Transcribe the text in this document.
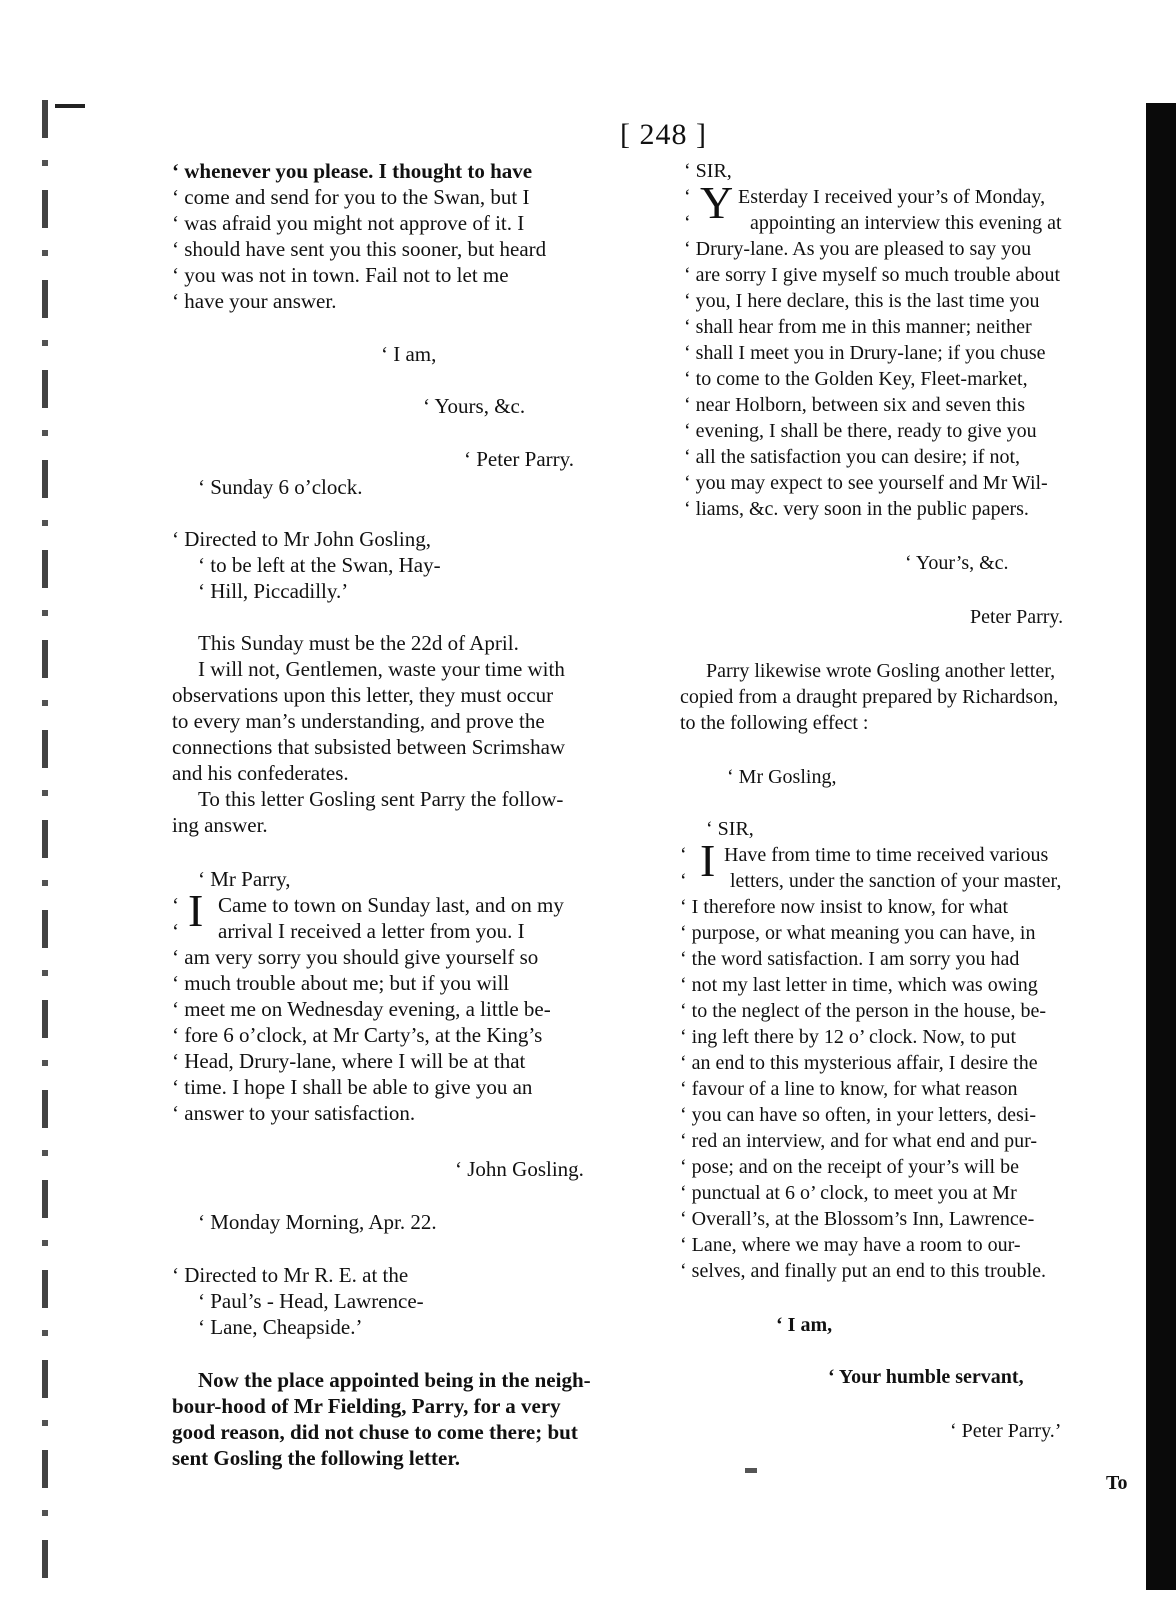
[ 248 ]
‘ whenever you please. I thought to have
‘ come and send for you to the Swan, but I
‘ was afraid you might not approve of it. I
‘ should have sent you this sooner, but heard
‘ you was not in town. Fail not to let me
‘ have your answer.
‘ I am,
‘ Yours, &c.
‘ Peter Parry.
‘ Sunday 6 o’clock.
‘ Directed to Mr John Gosling,
‘ to be left at the Swan, Hay-
‘ Hill, Piccadilly.’
This Sunday must be the 22d of April.
I will not, Gentlemen, waste your time with
observations upon this letter, they must occur
to every man’s understanding, and prove the
connections that subsisted between Scrimshaw
and his confederates.
To this letter Gosling sent Parry the follow-
ing answer.
‘ Mr Parry,
I
‘
‘
Came to town on Sunday last, and on my
arrival I received a letter from you. I
‘ am very sorry you should give yourself so
‘ much trouble about me; but if you will
‘ meet me on Wednesday evening, a little be-
‘ fore 6 o’clock, at Mr Carty’s, at the King’s
‘ Head, Drury-lane, where I will be at that
‘ time. I hope I shall be able to give you an
‘ answer to your satisfaction.
‘ John Gosling.
‘ Monday Morning, Apr. 22.
‘ Directed to Mr R. E. at the
‘ Paul’s - Head, Lawrence-
‘ Lane, Cheapside.’
Now the place appointed being in the neigh-
bour-hood of Mr Fielding, Parry, for a very
good reason, did not chuse to come there; but
sent Gosling the following letter.
‘ SIR,
‘
‘ Y Esterday I received your’s of Monday,
appointing an interview this evening at
‘ Drury-lane. As you are pleased to say you
‘ are sorry I give myself so much trouble about
‘ you, I here declare, this is the last time you
‘ shall hear from me in this manner; neither
‘ shall I meet you in Drury-lane; if you chuse
‘ to come to the Golden Key, Fleet-market,
‘ near Holborn, between six and seven this
‘ evening, I shall be there, ready to give you
‘ all the satisfaction you can desire; if not,
‘ you may expect to see yourself and Mr Wil-
‘ liams, &c. very soon in the public papers.
‘ Your’s, &c.
Peter Parry.
Parry likewise wrote Gosling another letter,
copied from a draught prepared by Richardson,
to the following effect :
‘ Mr Gosling,
‘ SIR,
‘
‘ I Have from time to time received various
letters, under the sanction of your master,
‘ I therefore now insist to know, for what
‘ purpose, or what meaning you can have, in
‘ the word satisfaction. I am sorry you had
‘ not my last letter in time, which was owing
‘ to the neglect of the person in the house, be-
‘ ing left there by 12 o’ clock. Now, to put
‘ an end to this mysterious affair, I desire the
‘ favour of a line to know, for what reason
‘ you can have so often, in your letters, desi-
‘ red an interview, and for what end and pur-
‘ pose; and on the receipt of your’s will be
‘ punctual at 6 o’ clock, to meet you at Mr
‘ Overall’s, at the Blossom’s Inn, Lawrence-
‘ Lane, where we may have a room to our-
‘ selves, and finally put an end to this trouble.
‘ I am,
‘ Your humble servant,
‘ Peter Parry.’
To
